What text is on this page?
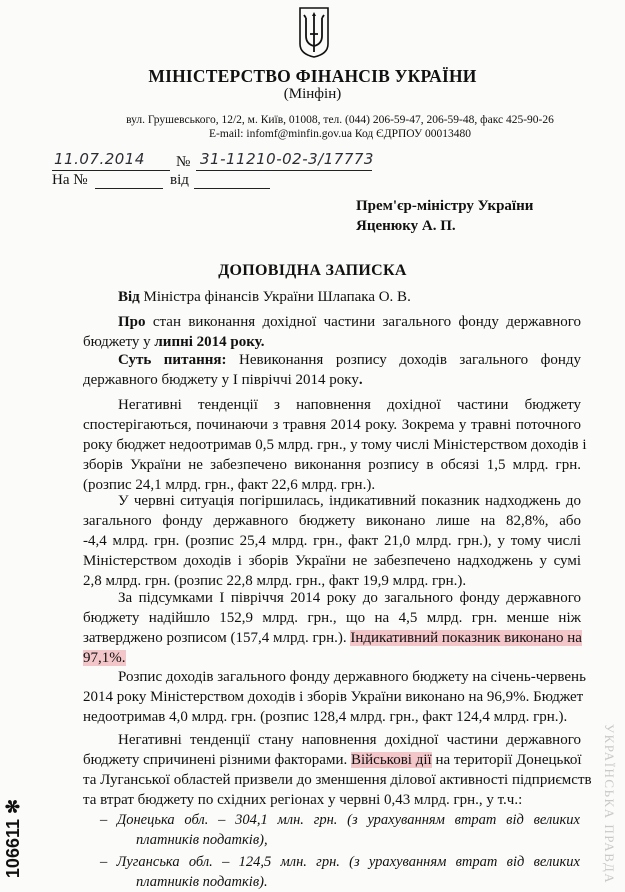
МІНІСТЕРСТВО ФІНАНСІВ УКРАЇНИ
(Мінфін)
вул. Грушевського, 12/2, м. Київ, 01008, тел. (044) 206-59-47, 206-59-48, факс 425-90-26
E-mail: infomf@minfin.gov.ua Код ЄДРПОУ 00013480
11.07.2014 № 31-11210-02-3/17773
На №	від
Прем'єр-міністру України
Яценюку А. П.
ДОПОВІДНА ЗАПИСКА
Від Міністра фінансів України Шлапака О. В.
Про стан виконання дохідної частини загального фонду державного
бюджету у липні 2014 року.
Суть питання: Невиконання розпису доходів загального фонду
державного бюджету у I півріччі 2014 року.
Негативні тенденції з наповнення дохідної частини бюджету
спостерігаються, починаючи з травня 2014 року. Зокрема у травні поточного
року бюджет недоотримав 0,5 млрд. грн., у тому числі Міністерством доходів і
зборів України не забезпечено виконання розпису в обсязі 1,5 млрд. грн.
(розпис 24,1 млрд. грн., факт 22,6 млрд. грн.).
У червні ситуація погіршилась, індикативний показник надходжень до
загального фонду державного бюджету виконано лише на 82,8%, або
-4,4 млрд. грн. (розпис 25,4 млрд. грн., факт 21,0 млрд. грн.), у тому числі
Міністерством доходів і зборів України не забезпечено надходжень у сумі
2,8 млрд. грн. (розпис 22,8 млрд. грн., факт 19,9 млрд. грн.).
За підсумками I півріччя 2014 року до загального фонду державного
бюджету надійшло 152,9 млрд. грн., що на 4,5 млрд. грн. менше ніж
затверджено розписом (157,4 млрд. грн.). Індикативний показник виконано на
97,1%.
Розпис доходів загального фонду державного бюджету на січень-червень
2014 року Міністерством доходів і зборів України виконано на 96,9%. Бюджет
недоотримав 4,0 млрд. грн. (розпис 128,4 млрд. грн., факт 124,4 млрд. грн.).
Негативні тенденції стану наповнення дохідної частини державного
бюджету спричинені різними факторами. Військові дії на території Донецької
та Луганської областей призвели до зменшення ділової активності підприємств
та втрат бюджету по східних регіонах у червні 0,43 млрд. грн., у т.ч.:
– Донецька обл. – 304,1 млн. грн. (з урахуванням втрат від великих
платників податків),
– Луганська обл. – 124,5 млн. грн. (з урахуванням втрат від великих
платників податків).
106611 ✻	УКРАЇНСЬКА ПРАВДА
